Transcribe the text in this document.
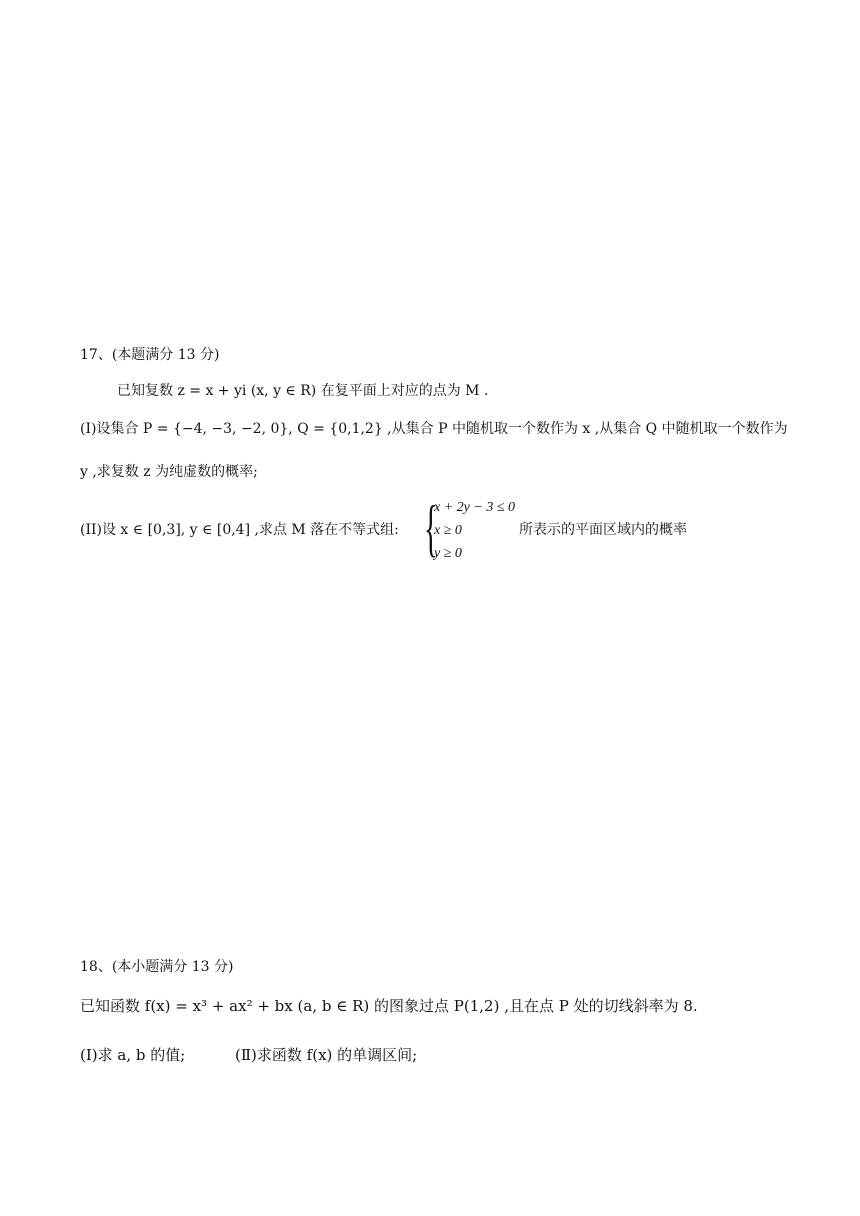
17、(本题满分 13 分)
已知复数 z = x + yi (x, y ∈ R) 在复平面上对应的点为 M .
(I)设集合 P = {−4, −3, −2, 0}, Q = {0,1,2} ,从集合 P 中随机取一个数作为 x ,从集合 Q 中随机取一个数作为
y ,求复数 z 为纯虚数的概率;
(II)设 x ∈ [0,3], y ∈ [0,4] ,求点 M 落在不等式组: {
x + 2y − 3 ≤ 0
x ≥ 0
y ≥ 0
所表示的平面区域内的概率
18、(本小题满分 13 分)
已知函数 f(x) = x³ + ax² + bx (a, b ∈ R) 的图象过点 P(1,2) ,且在点 P 处的切线斜率为 8.
(Ⅰ)求 a, b 的值;	(Ⅱ)求函数 f(x) 的单调区间;
